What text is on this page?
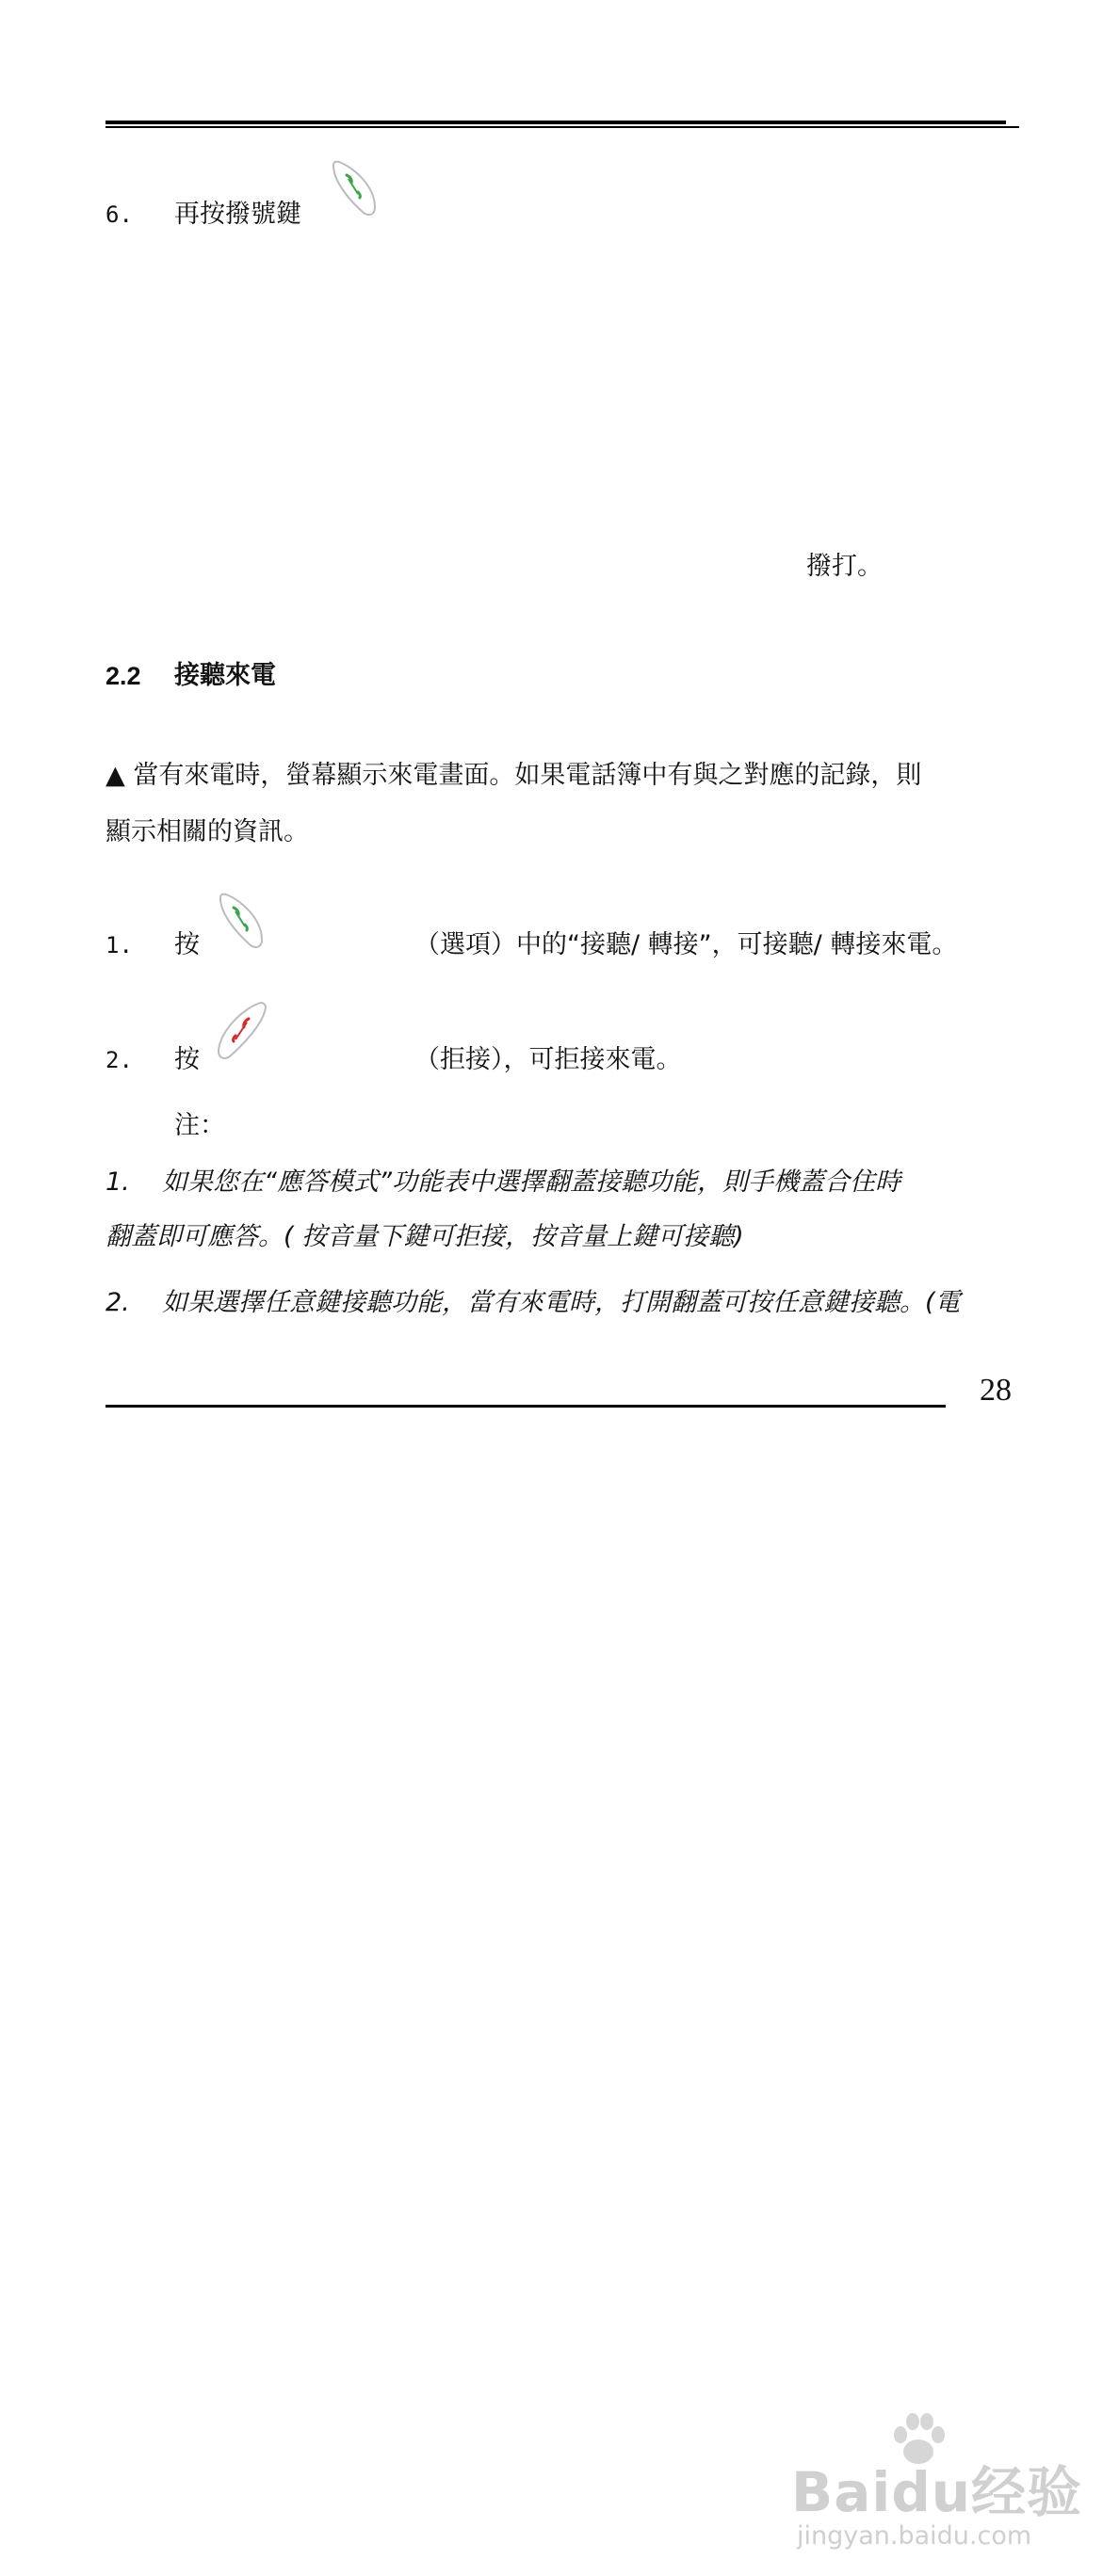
6. 再按撥號鍵
撥打。
2.2 接聽來電
▲ 當有來電時，螢幕顯示來電畫面。如果電話簿中有與之對應的記錄，則
顯示相關的資訊。
1. 按	（選項）中的“接聽/ 轉接”，可接聽/ 轉接來電。
2. 按	（拒接），可拒接來電。
注：
1. 如果您在“應答模式”功能表中選擇翻蓋接聽功能，則手機蓋合住時
翻蓋即可應答。( 按音量下鍵可拒接，按音量上鍵可接聽)
2. 如果選擇任意鍵接聽功能，當有來電時，打開翻蓋可按任意鍵接聽。(電
28
Baidu经验
jingyan.baidu.com
